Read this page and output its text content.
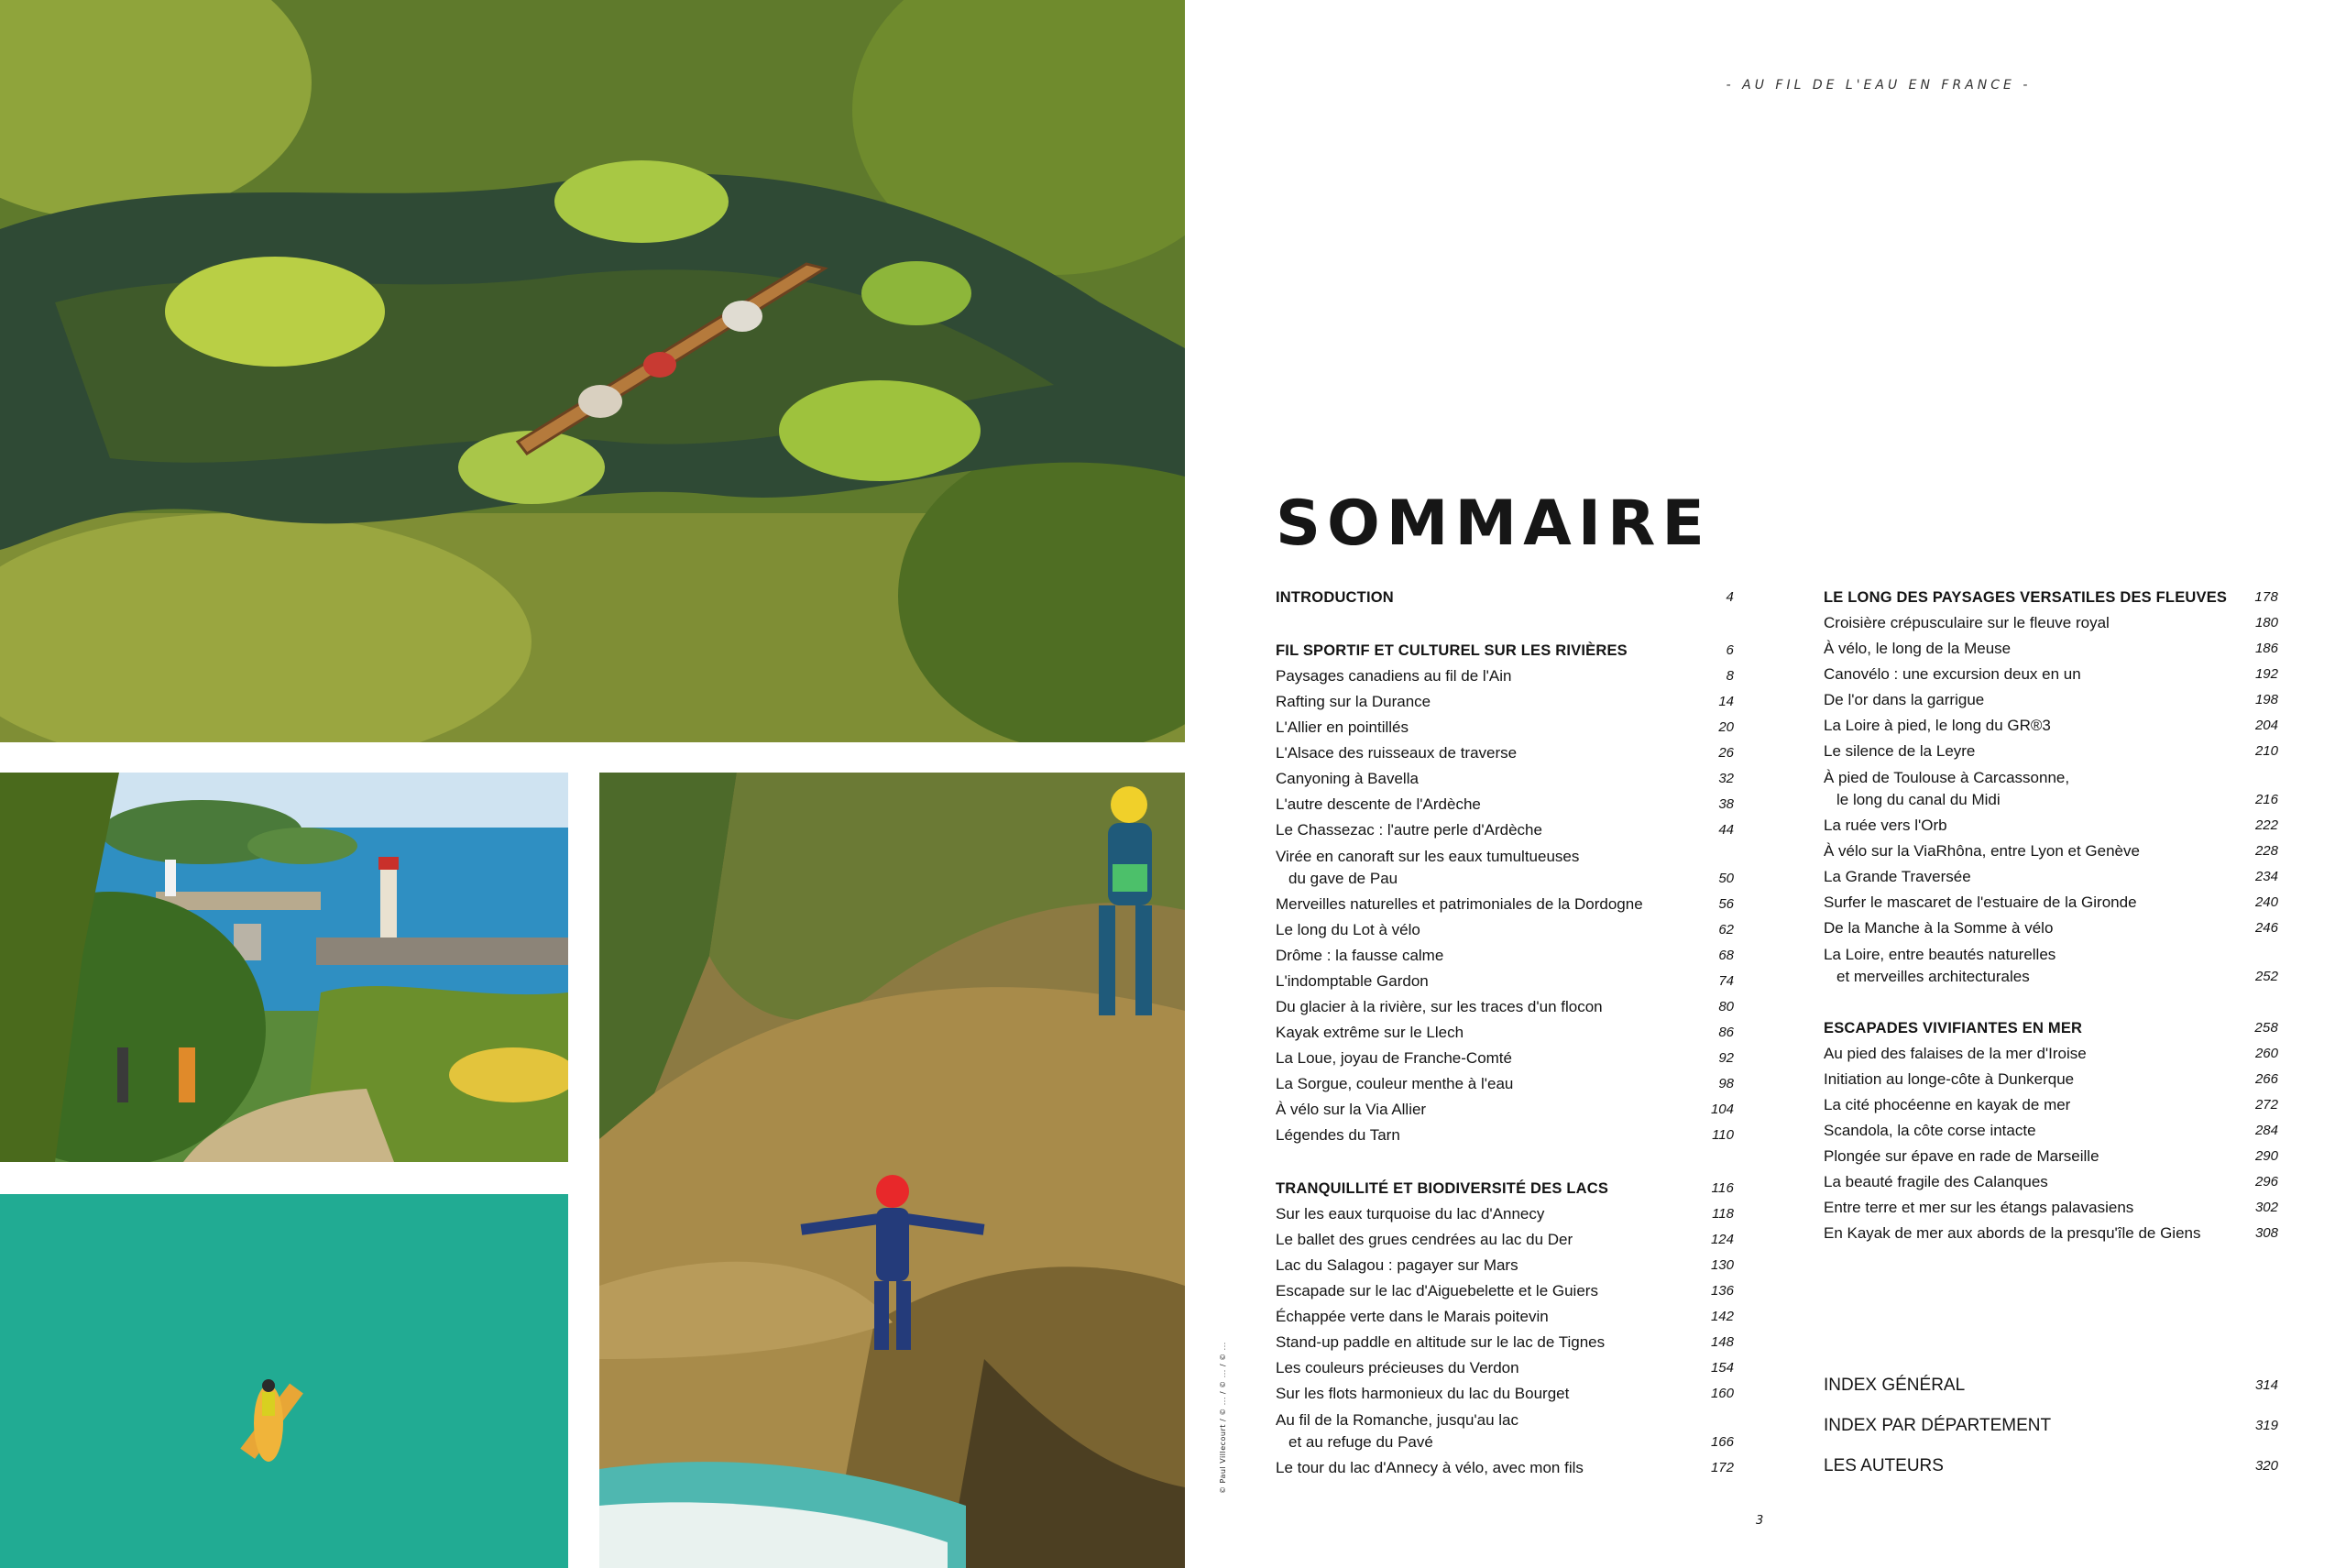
© Paul Villecourt / © ... / © ... / © ...
- AU FIL DE L'EAU EN FRANCE -
SOMMAIRE
INTRODUCTION	4
FIL SPORTIF ET CULTUREL SUR LES RIVIÈRES	6
Paysages canadiens au fil de l'Ain	8
Rafting sur la Durance	14
L'Allier en pointillés	20
L'Alsace des ruisseaux de traverse	26
Canyoning à Bavella	32
L'autre descente de l'Ardèche	38
Le Chassezac : l'autre perle d'Ardèche	44
Virée en canoraft sur les eaux tumultueuses
du gave de Pau	50
Merveilles naturelles et patrimoniales de la Dordogne	56
Le long du Lot à vélo	62
Drôme : la fausse calme	68
L'indomptable Gardon	74
Du glacier à la rivière, sur les traces d'un flocon	80
Kayak extrême sur le Llech	86
La Loue, joyau de Franche-Comté	92
La Sorgue, couleur menthe à l'eau	98
À vélo sur la Via Allier	104
Légendes du Tarn	110
TRANQUILLITÉ ET BIODIVERSITÉ DES LACS	116
Sur les eaux turquoise du lac d'Annecy	118
Le ballet des grues cendrées au lac du Der	124
Lac du Salagou : pagayer sur Mars	130
Escapade sur le lac d'Aiguebelette et le Guiers	136
Échappée verte dans le Marais poitevin	142
Stand-up paddle en altitude sur le lac de Tignes	148
Les couleurs précieuses du Verdon	154
Sur les flots harmonieux du lac du Bourget	160
Au fil de la Romanche, jusqu'au lac
et au refuge du Pavé	166
Le tour du lac d'Annecy à vélo, avec mon fils	172
LE LONG DES PAYSAGES VERSATILES DES FLEUVES	178
Croisière crépusculaire sur le fleuve royal	180
À vélo, le long de la Meuse	186
Canovélo : une excursion deux en un	192
De l'or dans la garrigue	198
La Loire à pied, le long du GR®3	204
Le silence de la Leyre	210
À pied de Toulouse à Carcassonne,
le long du canal du Midi	216
La ruée vers l'Orb	222
À vélo sur la ViaRhôna, entre Lyon et Genève	228
La Grande Traversée	234
Surfer le mascaret de l'estuaire de la Gironde	240
De la Manche à la Somme à vélo	246
La Loire, entre beautés naturelles
et merveilles architecturales	252
ESCAPADES VIVIFIANTES EN MER	258
Au pied des falaises de la mer d'Iroise	260
Initiation au longe-côte à Dunkerque	266
La cité phocéenne en kayak de mer	272
Scandola, la côte corse intacte	284
Plongée sur épave en rade de Marseille	290
La beauté fragile des Calanques	296
Entre terre et mer sur les étangs palavasiens	302
En Kayak de mer aux abords de la presqu'île de Giens	308
INDEX GÉNÉRAL	314
INDEX PAR DÉPARTEMENT	319
LES AUTEURS	320
3
